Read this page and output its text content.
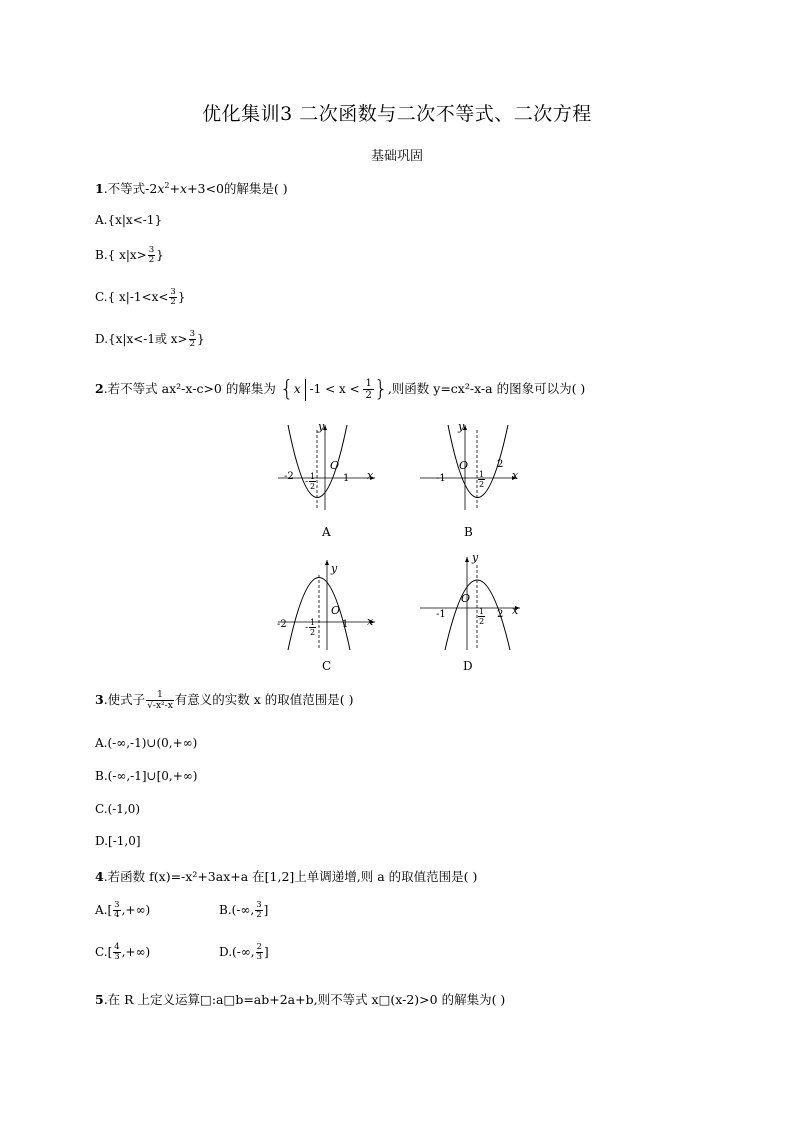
优化集训3 二次函数与二次不等式、二次方程
基础巩固
1.不等式$-2x^2+x+3<0$的解集是( )
A.{x|x<-1}
B.{ $x|x> \frac{3}{2}$ }
C.{ $x|-1<x< \frac{3}{2}$ }
D.{x|x<-1或 $x> \frac{3}{2}$ }
2.若不等式 ax²-x-c>0 的解集为 {x $-1 < x < \frac{1}{2}$ },则函数 y=cx²-x-a 的图象可以为( )
y
O
$-2 - \frac{1}{2}$	1 x
A
y
O
-1	$\frac{1}{2}$
2
x
B
y
O
$-2 - \frac{1}{2}$	1 x
C
y
O
-1	$\frac{1}{2} 2$ x
D
3.使式子 $\frac{1}{\text{√-x²-x}}$ 有意义的实数 x 的取值范围是( )
A.(-∞,-1)∪(0,+∞)
B.(-∞,-1]∪[0,+∞)
C.(-1,0)
D.[-1,0]
4.若函数 f(x)=-x²+3ax+a 在[1,2]上单调递增,则 a 的取值范围是( )
$A.[ \frac{3}{4}$ ,+∞)	B.(-∞, $\frac{3}{2}$ ]
$C.[ \frac{4}{3}$ ,+∞)	D.(-∞, $\frac{2}{3}$ ]
5.在 R 上定义运算□:a□b=ab+2a+b,则不等式 x□(x-2)>0 的解集为( )
